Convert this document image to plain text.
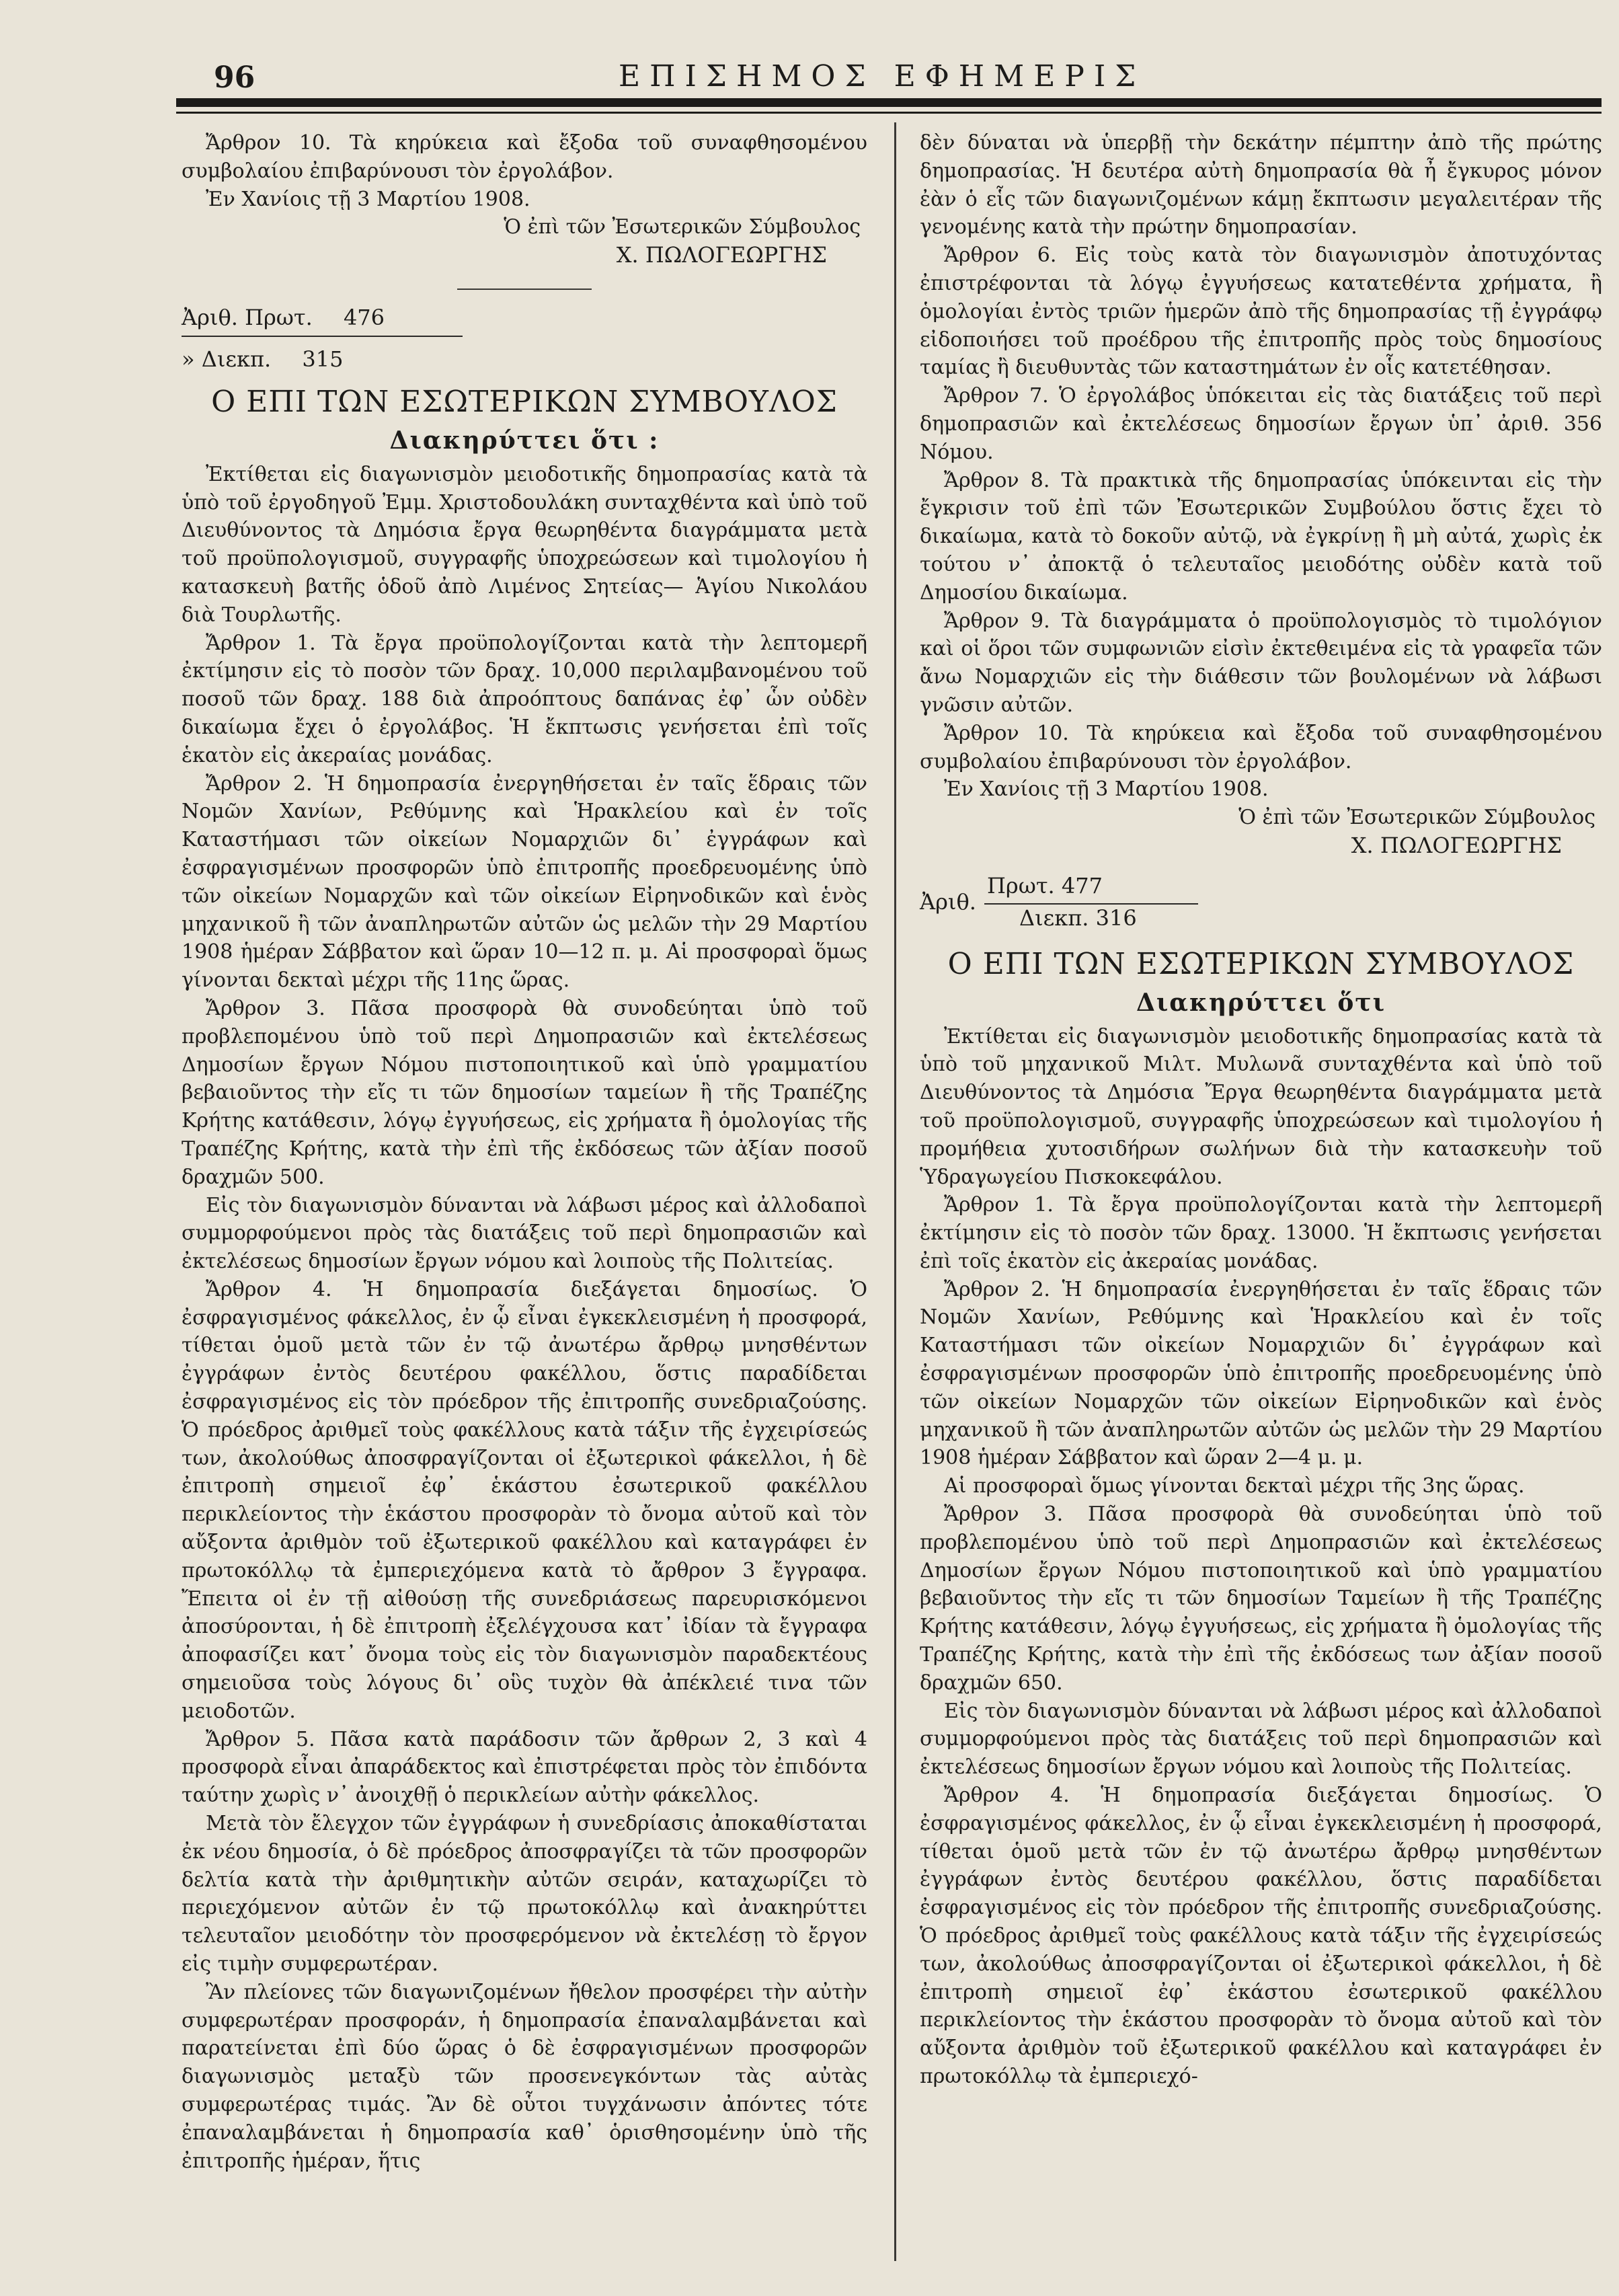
96	ΕΠΙΣΗΜΟΣ ΕΦΗΜΕΡΙΣ

Ἄρθρον 10. Τὰ κηρύκεια καὶ ἔξοδα τοῦ συναφθησομένου συμβολαίου ἐπιβαρύνουσι τὸν ἐργολάβον.

Ἐν Χανίοις τῇ 3 Μαρτίου 1908.

Ὁ ἐπὶ τῶν Ἐσωτερικῶν Σύμβουλος

Χ. ΠΩΛΟΓΕΩΡΓΗΣ

Ἀριθ. Πρωτ. 476
» Διεκπ. 315

Ο ΕΠΙ ΤΩΝ ΕΣΩΤΕΡΙΚΩΝ ΣΥΜΒΟΥΛΟΣ

Διακηρύττει ὅτι :

Ἐκτίθεται εἰς διαγωνισμὸν μειοδοτικῆς δημοπρασίας κατὰ τὰ ὑπὸ τοῦ ἐργοδηγοῦ Ἐμμ. Χριστοδουλάκη συνταχθέντα καὶ ὑπὸ τοῦ Διευθύνοντος τὰ Δημόσια ἔργα θεωρηθέντα διαγράμματα μετὰ τοῦ προϋπολογισμοῦ, συγγραφῆς ὑποχρεώσεων καὶ τιμολογίου ἡ κατασκευὴ βατῆς ὁδοῦ ἀπὸ Λιμένος Σητείας— Ἁγίου Νικολάου διὰ Τουρλωτῆς.

Ἄρθρον 1. Τὰ ἔργα προϋπολογίζονται κατὰ τὴν λεπτομερῆ ἐκτίμησιν εἰς τὸ ποσὸν τῶν δραχ. 10,000 περιλαμβανομένου τοῦ ποσοῦ τῶν δραχ. 188 διὰ ἀπροόπτους δαπάνας ἐφ᾽ ὧν οὐδὲν δικαίωμα ἔχει ὁ ἐργολάβος. Ἡ ἔκπτωσις γενήσεται ἐπὶ τοῖς ἑκατὸν εἰς ἀκεραίας μονάδας.

Ἄρθρον 2. Ἡ δημοπρασία ἐνεργηθήσεται ἐν ταῖς ἕδραις τῶν Νομῶν Χανίων, Ρεθύμνης καὶ Ἡρακλείου καὶ ἐν τοῖς Καταστήμασι τῶν οἰκείων Νομαρχιῶν δι᾽ ἐγγράφων καὶ ἐσφραγισμένων προσφορῶν ὑπὸ ἐπιτροπῆς προεδρευομένης ὑπὸ τῶν οἰκείων Νομαρχῶν καὶ τῶν οἰκείων Εἰρηνοδικῶν καὶ ἑνὸς μηχανικοῦ ἢ τῶν ἀναπληρωτῶν αὐτῶν ὡς μελῶν τὴν 29 Μαρτίου 1908 ἡμέραν Σάββατον καὶ ὥραν 10—12 π. μ. Αἱ προσφοραὶ ὅμως γίνονται δεκταὶ μέχρι τῆς 11ης ὥρας.

Ἄρθρον 3. Πᾶσα προσφορὰ θὰ συνοδεύηται ὑπὸ τοῦ προβλεπομένου ὑπὸ τοῦ περὶ Δημοπρασιῶν καὶ ἐκτελέσεως Δημοσίων ἔργων Νόμου πιστοποιητικοῦ καὶ ὑπὸ γραμματίου βεβαιοῦντος τὴν εἴς τι τῶν δημοσίων ταμείων ἢ τῆς Τραπέζης Κρήτης κατάθεσιν, λόγῳ ἐγγυήσεως, εἰς χρήματα ἢ ὁμολογίας τῆς Τραπέζης Κρήτης, κατὰ τὴν ἐπὶ τῆς ἐκδόσεως τῶν ἀξίαν ποσοῦ δραχμῶν 500.

Εἰς τὸν διαγωνισμὸν δύνανται νὰ λάβωσι μέρος καὶ ἀλλοδαποὶ συμμορφούμενοι πρὸς τὰς διατάξεις τοῦ περὶ δημοπρασιῶν καὶ ἐκτελέσεως δημοσίων ἔργων νόμου καὶ λοιποὺς τῆς Πολιτείας.

Ἄρθρον 4. Ἡ δημοπρασία διεξάγεται δημοσίως. Ὁ ἐσφραγισμένος φάκελλος, ἐν ᾧ εἶναι ἐγκεκλεισμένη ἡ προσφορά, τίθεται ὁμοῦ μετὰ τῶν ἐν τῷ ἀνωτέρω ἄρθρῳ μνησθέντων ἐγγράφων ἐντὸς δευτέρου φακέλλου, ὅστις παραδίδεται ἐσφραγισμένος εἰς τὸν πρόεδρον τῆς ἐπιτροπῆς συνεδριαζούσης. Ὁ πρόεδρος ἀριθμεῖ τοὺς φακέλλους κατὰ τάξιν τῆς ἐγχειρίσεώς των, ἀκολούθως ἀποσφραγίζονται οἱ ἐξωτερικοὶ φάκελλοι, ἡ δὲ ἐπιτροπὴ σημειοῖ ἐφ᾽ ἑκάστου ἐσωτερικοῦ φακέλλου περικλείοντος τὴν ἑκάστου προσφορὰν τὸ ὄνομα αὐτοῦ καὶ τὸν αὔξοντα ἀριθμὸν τοῦ ἐξωτερικοῦ φακέλλου καὶ καταγράφει ἐν πρωτοκόλλῳ τὰ ἐμπεριεχόμενα κατὰ τὸ ἄρθρον 3 ἔγγραφα. Ἔπειτα οἱ ἐν τῇ αἰθούσῃ τῆς συνεδριάσεως παρευρισκόμενοι ἀποσύρονται, ἡ δὲ ἐπιτροπὴ ἐξελέγχουσα κατ᾽ ἰδίαν τὰ ἔγγραφα ἀποφασίζει κατ᾽ ὄνομα τοὺς εἰς τὸν διαγωνισμὸν παραδεκτέους σημειοῦσα τοὺς λόγους δι᾽ οὓς τυχὸν θὰ ἀπέκλειέ τινα τῶν μειοδοτῶν.

Ἄρθρον 5. Πᾶσα κατὰ παράδοσιν τῶν ἄρθρων 2, 3 καὶ 4 προσφορὰ εἶναι ἀπαράδεκτος καὶ ἐπιστρέφεται πρὸς τὸν ἐπιδόντα ταύτην χωρὶς ν᾽ ἀνοιχθῇ ὁ περικλείων αὐτὴν φάκελλος.

Μετὰ τὸν ἔλεγχον τῶν ἐγγράφων ἡ συνεδρίασις ἀποκαθίσταται ἐκ νέου δημοσία, ὁ δὲ πρόεδρος ἀποσφραγίζει τὰ τῶν προσφορῶν δελτία κατὰ τὴν ἀριθμητικὴν αὐτῶν σειράν, καταχωρίζει τὸ περιεχόμενον αὐτῶν ἐν τῷ πρωτοκόλλῳ καὶ ἀνακηρύττει τελευταῖον μειοδότην τὸν προσφερόμενον νὰ ἐκτελέσῃ τὸ ἔργον εἰς τιμὴν συμφερωτέραν.

Ἂν πλείονες τῶν διαγωνιζομένων ἤθελον προσφέρει τὴν αὐτὴν συμφερωτέραν προσφοράν, ἡ δημοπρασία ἐπαναλαμβάνεται καὶ παρατείνεται ἐπὶ δύο ὥρας ὁ δὲ ἐσφραγισμένων προσφορῶν διαγωνισμὸς μεταξὺ τῶν προσενεγκόντων τὰς αὐτὰς συμφερωτέρας τιμάς. Ἂν δὲ οὗτοι τυγχάνωσιν ἀπόντες τότε ἐπαναλαμβάνεται ἡ δημοπρασία καθ᾽ ὁρισθησομένην ὑπὸ τῆς ἐπιτροπῆς ἡμέραν, ἥτις

δὲν δύναται νὰ ὑπερβῇ τὴν δεκάτην πέμπτην ἀπὸ τῆς πρώτης δημοπρασίας. Ἡ δευτέρα αὐτὴ δημοπρασία θὰ ἦ ἔγκυρος μόνον ἐὰν ὁ εἷς τῶν διαγωνιζομένων κάμῃ ἔκπτωσιν μεγαλειτέραν τῆς γενομένης κατὰ τὴν πρώτην δημοπρασίαν.

Ἄρθρον 6. Εἰς τοὺς κατὰ τὸν διαγωνισμὸν ἀποτυχόντας ἐπιστρέφονται τὰ λόγῳ ἐγγυήσεως κατατεθέντα χρήματα, ἢ ὁμολογίαι ἐντὸς τριῶν ἡμερῶν ἀπὸ τῆς δημοπρασίας τῇ ἐγγράφῳ εἰδοποιήσει τοῦ προέδρου τῆς ἐπιτροπῆς πρὸς τοὺς δημοσίους ταμίας ἢ διευθυντὰς τῶν καταστημάτων ἐν οἷς κατετέθησαν.

Ἄρθρον 7. Ὁ ἐργολάβος ὑπόκειται εἰς τὰς διατάξεις τοῦ περὶ δημοπρασιῶν καὶ ἐκτελέσεως δημοσίων ἔργων ὑπ᾽ ἀριθ. 356 Νόμου.

Ἄρθρον 8. Τὰ πρακτικὰ τῆς δημοπρασίας ὑπόκεινται εἰς τὴν ἔγκρισιν τοῦ ἐπὶ τῶν Ἐσωτερικῶν Συμβούλου ὅστις ἔχει τὸ δικαίωμα, κατὰ τὸ δοκοῦν αὐτῷ, νὰ ἐγκρίνῃ ἢ μὴ αὐτά, χωρὶς ἐκ τούτου ν᾽ ἀποκτᾷ ὁ τελευταῖος μειοδότης οὐδὲν κατὰ τοῦ Δημοσίου δικαίωμα.

Ἄρθρον 9. Τὰ διαγράμματα ὁ προϋπολογισμὸς τὸ τιμολόγιον καὶ οἱ ὅροι τῶν συμφωνιῶν εἰσὶν ἐκτεθειμένα εἰς τὰ γραφεῖα τῶν ἄνω Νομαρχιῶν εἰς τὴν διάθεσιν τῶν βουλομένων νὰ λάβωσι γνῶσιν αὐτῶν.

Ἄρθρον 10. Τὰ κηρύκεια καὶ ἔξοδα τοῦ συναφθησομένου συμβολαίου ἐπιβαρύνουσι τὸν ἐργολάβον.

Ἐν Χανίοις τῇ 3 Μαρτίου 1908.

Ὁ ἐπὶ τῶν Ἐσωτερικῶν Σύμβουλος

Χ. ΠΩΛΟΓΕΩΡΓΗΣ

Ἀριθ.
Πρωτ. 477
Διεκπ. 316

Ο ΕΠΙ ΤΩΝ ΕΣΩΤΕΡΙΚΩΝ ΣΥΜΒΟΥΛΟΣ

Διακηρύττει ὅτι

Ἐκτίθεται εἰς διαγωνισμὸν μειοδοτικῆς δημοπρασίας κατὰ τὰ ὑπὸ τοῦ μηχανικοῦ Μιλτ. Μυλωνᾶ συνταχθέντα καὶ ὑπὸ τοῦ Διευθύνοντος τὰ Δημόσια Ἔργα θεωρηθέντα διαγράμματα μετὰ τοῦ προϋπολογισμοῦ, συγγραφῆς ὑποχρεώσεων καὶ τιμολογίου ἡ προμήθεια χυτοσιδήρων σωλήνων διὰ τὴν κατασκευὴν τοῦ Ὑδραγωγείου Πισκοκεφάλου.

Ἄρθρον 1. Τὰ ἔργα προϋπολογίζονται κατὰ τὴν λεπτομερῆ ἐκτίμησιν εἰς τὸ ποσὸν τῶν δραχ. 13000. Ἡ ἔκπτωσις γενήσεται ἐπὶ τοῖς ἑκατὸν εἰς ἀκεραίας μονάδας.

Ἄρθρον 2. Ἡ δημοπρασία ἐνεργηθήσεται ἐν ταῖς ἕδραις τῶν Νομῶν Χανίων, Ρεθύμνης καὶ Ἡρακλείου καὶ ἐν τοῖς Καταστήμασι τῶν οἰκείων Νομαρχιῶν δι᾽ ἐγγράφων καὶ ἐσφραγισμένων προσφορῶν ὑπὸ ἐπιτροπῆς προεδρευομένης ὑπὸ τῶν οἰκείων Νομαρχῶν τῶν οἰκείων Εἰρηνοδικῶν καὶ ἑνὸς μηχανικοῦ ἢ τῶν ἀναπληρωτῶν αὐτῶν ὡς μελῶν τὴν 29 Μαρτίου 1908 ἡμέραν Σάββατον καὶ ὥραν 2—4 μ. μ.

Αἱ προσφοραὶ ὅμως γίνονται δεκταὶ μέχρι τῆς 3ης ὥρας.

Ἄρθρον 3. Πᾶσα προσφορὰ θὰ συνοδεύηται ὑπὸ τοῦ προβλεπομένου ὑπὸ τοῦ περὶ Δημοπρασιῶν καὶ ἐκτελέσεως Δημοσίων ἔργων Νόμου πιστοποιητικοῦ καὶ ὑπὸ γραμματίου βεβαιοῦντος τὴν εἴς τι τῶν δημοσίων Ταμείων ἢ τῆς Τραπέζης Κρήτης κατάθεσιν, λόγῳ ἐγγυήσεως, εἰς χρήματα ἢ ὁμολογίας τῆς Τραπέζης Κρήτης, κατὰ τὴν ἐπὶ τῆς ἐκδόσεως των ἀξίαν ποσοῦ δραχμῶν 650.

Εἰς τὸν διαγωνισμὸν δύνανται νὰ λάβωσι μέρος καὶ ἀλλοδαποὶ συμμορφούμενοι πρὸς τὰς διατάξεις τοῦ περὶ δημοπρασιῶν καὶ ἐκτελέσεως δημοσίων ἔργων νόμου καὶ λοιποὺς τῆς Πολιτείας.

Ἄρθρον 4. Ἡ δημοπρασία διεξάγεται δημοσίως. Ὁ ἐσφραγισμένος φάκελλος, ἐν ᾧ εἶναι ἐγκεκλεισμένη ἡ προσφορά, τίθεται ὁμοῦ μετὰ τῶν ἐν τῷ ἀνωτέρω ἄρθρῳ μνησθέντων ἐγγράφων ἐντὸς δευτέρου φακέλλου, ὅστις παραδίδεται ἐσφραγισμένος εἰς τὸν πρόεδρον τῆς ἐπιτροπῆς συνεδριαζούσης. Ὁ πρόεδρος ἀριθμεῖ τοὺς φακέλλους κατὰ τάξιν τῆς ἐγχειρίσεώς των, ἀκολούθως ἀποσφραγίζονται οἱ ἐξωτερικοὶ φάκελλοι, ἡ δὲ ἐπιτροπὴ σημειοῖ ἐφ᾽ ἑκάστου ἐσωτερικοῦ φακέλλου περικλείοντος τὴν ἑκάστου προσφορὰν τὸ ὄνομα αὐτοῦ καὶ τὸν αὔξοντα ἀριθμὸν τοῦ ἐξωτερικοῦ φακέλλου καὶ καταγράφει ἐν πρωτοκόλλῳ τὰ ἐμπεριεχό-
